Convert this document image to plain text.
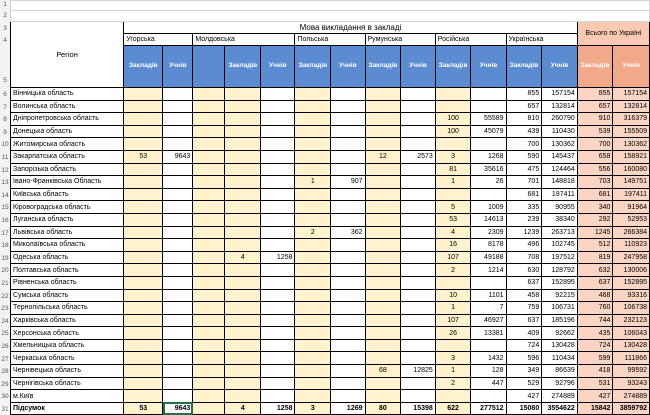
1
2
3
4
5
6
7
8
9
10
11
12
13
14
15
16
17
18
19
20
21
22
23
24
25
26
27
28
29
30
31

Регіон	Мова викладання в закладі													Всього по Україні	
	Угорська		Молдовська			Польська		Румунська		Російська		Українська			
	Закладів	Учнів		Закладів	Учнів	Закладів	Учнів	Закладів	Учнів	Закладів	Учнів	Закладів	Учнів	Закладів	Учнів
Вінницька область												855	157154	855	157154
Волинська область												657	132814	657	132814
Дніпропетровська область										100	55589	810	260790	910	316379
Донецька область										100	45079	439	110430	539	155509
Житомирська область												700	130362	700	130362
Закарпатська область	53	9643						12	2573	3	1268	590	145437	658	158921
Запорізька область										81	35616	475	124464	556	160080
Івано-Франківська Область						1	907			1	26	701	148818	703	149751
Київська область												681	197411	681	197411
Кіровоградська область										5	1009	335	90955	340	91964
Луганська область										53	14613	239	38340	292	52953
Львівська область						2	362			4	2309	1239	263713	1245	266384
Миколаївська область										16	8178	496	102745	512	110923
Одеська область				4	1258					107	49188	708	197512	819	247958
Полтавська область										2	1214	630	128792	632	130006
Рівненська область												637	152895	637	152895
Сумська область										10	1101	458	92215	468	93316
Тернопільська область										1	7	759	106731	760	106738
Харківська область										107	46927	637	185196	744	232123
Херсонська область										26	13381	409	92662	435	106043
Хмельницька область												724	130428	724	130428
Черкаська область										3	1432	596	110434	599	111866
Чернівецька область								68	12825	1	128	349	86639	418	99592
Чернігівська область										2	447	529	92796	531	93243
м.Київ												427	274889	427	274889
Підсумок	53	9643		4	1258	3	1269	80	15398	622	277512	15080	3554622	15842	3859792
